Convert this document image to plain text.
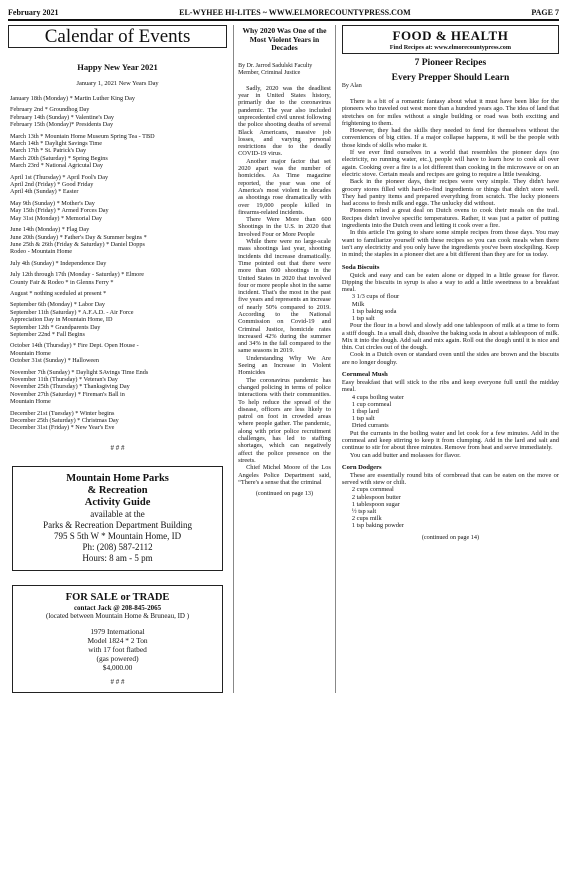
February 2021	EL-WYHEE HI-LITES ~ WWW.ELMORECOUNTYPRESS.COM	PAGE 7
Calendar of Events
Happy New Year 2021
January 1, 2021 New Years Day
January 18th (Monday) * Martin Luther King Day
February 2nd * Groundhog Day
February 14th (Sunday) * Valentine's Day
February 15th (Monday)* Presidents Day
March 13th * Mountain Home Museum Spring Tea - TBD
March 14th * Daylight Savings Time
March 17th * St. Patrick's Day
March 20th (Saturday) * Spring Begins
March 23rd * National Agricutal Day
April 1st (Thursday) * April Fool's Day
April 2nd (Friday) * Good Friday
April 4th (Sunday) * Easter
May 9th (Sunday) * Mother's Day
May 15th (Friday) * Armed Forces Day
May 31st (Monday) * Memorial Day
June 14th (Monday) * Flag Day
June 20th (Sunday) * Father's Day & Summer begins *
June 25th & 26th (Friday & Saturday) * Daniel Dopps
Rodeo - Mountain Home
July 4th (Sunday) * Independence Day
July 12th through 17th (Monday - Saturday) * Elmore
County Fair & Rodeo * in Glenns Ferry *
August * nothing sceduled at present *
September 6th (Monday) * Labor Day
September 11th (Saturday) * A.F.A.D. - Air Force
Appreciation Day in Mountain Home, ID
September 12th * Grandparents Day
September 22nd * Fall Begins
October 14th (Thursday) * Fire Dept. Open House -
Mountain Home
October 31st (Sunday) * Halloween
November 7th (Sunday) * Daylight SAvings Time Ends
November 11th (Thursday) * Veteran's Day
November 25th (Thursday) * Thanksgiving Day
November 27th (Saturday) * Fireman's Ball in
Mountain Home
December 21st (Tuesday) * Winter begins
December 25th (Saturday) * Christmas Day
December 31st (Friday) * New Year's Eve
# # #
Mountain Home Parks
& Recreation
Activity Guide
available at the
Parks & Recreation Department Building
795 S 5th W * Mountain Home, ID
Ph: (208) 587-2112
Hours: 8 am - 5 pm
FOR SALE or TRADE
contact Jack @ 208-845-2065
(located between Mountain Home & Bruneau, ID )
1979 International
Model 1824 * 2 Ton
with 17 foot flatbed
(gas powered)
$4,000.00
# # #
Why 2020 Was One of the Most Violent Years in Decades
By Dr. Jarrod Sadulski Faculty Member, Criminal Justice

Sadly, 2020 was the deadliest year in United States history, primarily due to the coronavirus pandemic. The year also included unprecedented civil unrest following the police shooting deaths of several Black Americans, massive job losses, and varying personal restrictions due to the deadly COVID-19 virus.

Another major factor that set 2020 apart was the number of homicides. As Time magazine reported, the year was one of America's most violent in decades as shootings rose dramatically with over 19,000 people killed in firearms-related incidents.

There Were More than 600 Shootings in the U.S. in 2020 that Involved Four or More People

While there were no large-scale mass shootings last year, shooting incidents did increase dramatically. Time pointed out that there were more than 600 shootings in the United States in 2020 that involved four or more people shot in the same incident. That's the most in the past five years and represents an increase of nearly 50% compared to 2019. According to the National Commission on Covid-19 and Criminal Justice, homicide rates increased 42% during the summer and 34% in the fall compared to the same seasons in 2019.

Understanding Why We Are Seeing an Increase in Violent Homicides

The coronavirus pandemic has changed policing in terms of police interactions with their communities. To help reduce the spread of the disease, officers are less likely to patrol on foot in crowded areas where people gather. The pandemic, along with prior police recruitment challenges, has led to staffing shortages, which can negatively affect the police presence on the streets.

Chief Michel Moore of the Los Angeles Police Department said, “There's a sense that the criminal

(continued on page 13)
FOOD & HEALTH
Find Recipes at: www.elmorecountypress.com
7 Pioneer Recipes
Every Prepper Should Learn
By Alan

There is a bit of a romantic fantasy about what it must have been like for the pioneers who traveled out west more than a hundred years ago. The idea of land that stretches on for miles without a single building or road was both exciting and frightening to them.

However, they had the skills they needed to fend for themselves without the conveniences of big cities. If a major collapse happens, it will be the people with those kinds of skills who make it.

If we ever find ourselves in a world that resembles the pioneer days (no electricity, no running water, etc.), people will have to learn how to cook all over again. Cooking over a fire is a lot different than cooking in the microwave or on an electric stove. Certain meals and recipes are going to require a little tweaking.

Back in the pioneer days, their recipes were very simple. They didn't have grocery stores filled with hard-to-find ingredients or things that didn't store well. They had pantry items and prepared everything from scratch. The lucky pioneers had access to fresh milk and eggs. The unlucky did without.

Pioneers relied a great deal on Dutch ovens to cook their meals on the trail. Recipes didn't involve specific temperatures. Rather, it was just a patter of putting ingredients into the Dutch oven and letting it cook over a fire.

In this article I'm going to share some simple recipes from those days. You may want to familiarize yourself with these recipes so you can cook meals when there isn't any electricity and you only have the ingredients you've been stockpiling. Keep in mind; the staples in a pioneer diet are a bit different than they are for us today.

Soda Biscuits

Quick and easy and can be eaten alone or dipped in a little grease for flavor. Dipping the biscuits in syrup is also a way to add a little sweetness to a breakfast meal.

3 1/3 cups of flour
Milk
1 tsp baking soda
1 tsp salt

Pour the flour in a bowl and slowly add one tablespoon of milk at a time to form a stiff dough. In a small dish, dissolve the baking soda in about a tablespoon of milk. Mix it into the dough. Add salt and mix again. Roll out the dough until it is nice and thin. Cut circles out of the dough.

Cook in a Dutch oven or standard oven until the sides are brown and the biscuits are no longer doughy.

Cornmeal Mush

Easy breakfast that will stick to the ribs and keep everyone full until the midday meal.

4 cups boiling water
1 cup cornmeal
1 tbsp lard
1 tsp salt
Dried currants

Put the currants in the boiling water and let cook for a few minutes. Add in the cornmeal and keep stirring to keep it from clumping. Add in the lard and salt and continue to stir for about three minutes. Remove from heat and serve immediately.

You can add butter and molasses for flavor.

Corn Dodgers

These are essentially round bits of cornbread that can be eaten on the move or served with stew or chili.

2 cups cornmeal
2 tablespoon butter
1 tablespoon sugar
½ tsp salt
2 cups milk
1 tsp baking powder
(continued on page 14)
